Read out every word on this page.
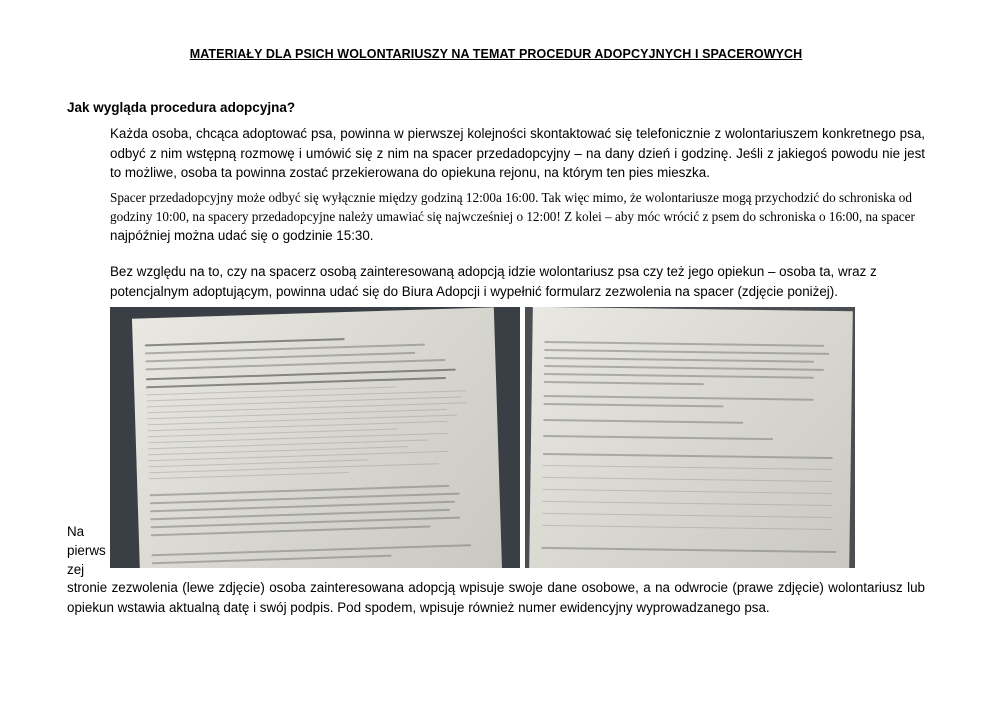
MATERIAŁY DLA PSICH WOLONTARIUSZY NA TEMAT PROCEDUR ADOPCYJNYCH I SPACEROWYCH
Jak wygląda procedura adopcyjna?
Każda osoba, chcąca adoptować psa, powinna w pierwszej kolejności skontaktować się telefonicznie z wolontariuszem konkretnego psa, odbyć z nim wstępną rozmowę i umówić się z nim na spacer przedadopcyjny – na dany dzień i godzinę. Jeśli z jakiegoś powodu nie jest to możliwe, osoba ta powinna zostać przekierowana do opiekuna rejonu, na którym ten pies mieszka.
Spacer przedadopcyjny może odbyć się wyłącznie między godziną 12:00a 16:00. Tak więc mimo, że wolontariusze mogą przychodzić do schroniska od godziny 10:00, na spacery przedadopcyjne należy umawiać się najwcześniej o 12:00! Z kolei – aby móc wrócić z psem do schroniska o 16:00, na spacer najpóźniej można udać się o godzinie 15:30.
Bez względu na to, czy na spacerz osobą zainteresowaną adopcją idzie wolontariusz psa czy też jego opiekun – osoba ta, wraz z potencjalnym adoptującym, powinna udać się do Biura Adopcji i wypełnić formularz zezwolenia na spacer (zdjęcie poniżej).
Na pierws zej
stronie zezwolenia (lewe zdjęcie) osoba zainteresowana adopcją wpisuje swoje dane osobowe, a na odwrocie (prawe zdjęcie) wolontariusz lub opiekun wstawia aktualną datę i swój podpis. Pod spodem, wpisuje również numer ewidencyjny wyprowadzanego psa.
